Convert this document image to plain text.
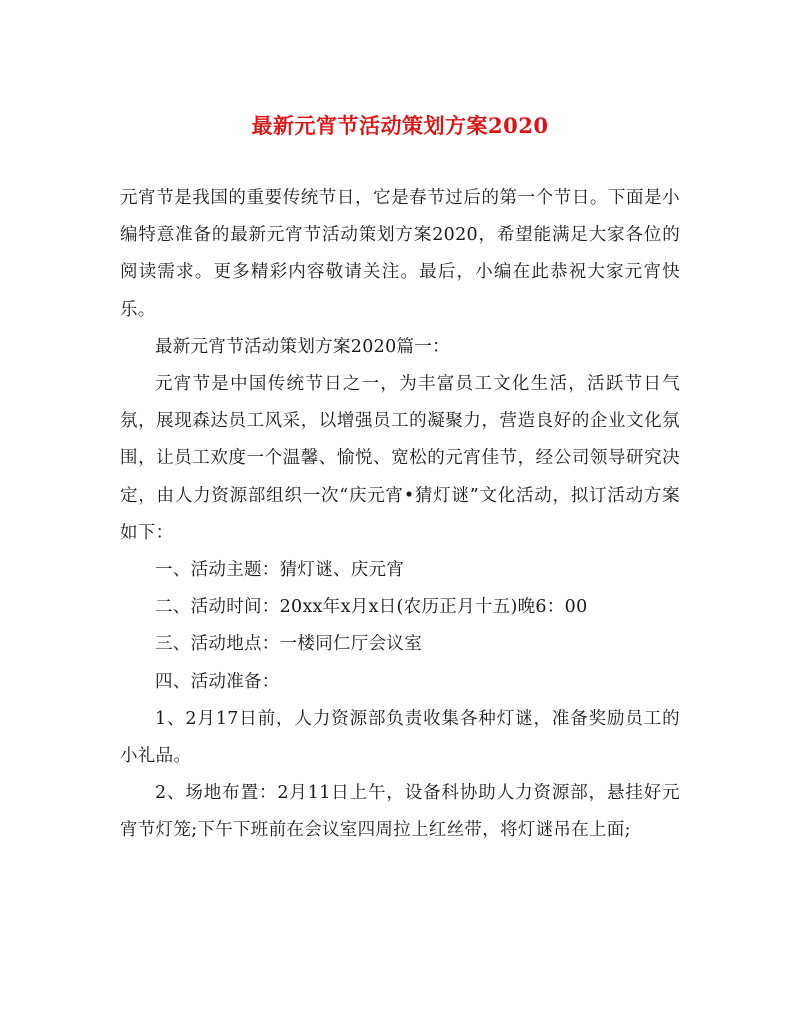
最新元宵节活动策划方案2020

元宵节是我国的重要传统节日，它是春节过后的第一个节日。下面是小编特意准备的最新元宵节活动策划方案2020，希望能满足大家各位的阅读需求。更多精彩内容敬请关注。最后，小编在此恭祝大家元宵快乐。

最新元宵节活动策划方案2020篇一：

元宵节是中国传统节日之一，为丰富员工文化生活，活跃节日气氛，展现森达员工风采，以增强员工的凝聚力，营造良好的企业文化氛围，让员工欢度一个温馨、愉悦、宽松的元宵佳节，经公司领导研究决定，由人力资源部组织一次“庆元宵•猜灯谜”文化活动，拟订活动方案如下：

一、活动主题：猜灯谜、庆元宵

二、活动时间：20xx年x月x日(农历正月十五)晚6：00

三、活动地点：一楼同仁厅会议室

四、活动准备：

1、2月17日前，人力资源部负责收集各种灯谜，准备奖励员工的小礼品。

2、场地布置：2月11日上午，设备科协助人力资源部，悬挂好元宵节灯笼;下午下班前在会议室四周拉上红丝带，将灯谜吊在上面;
